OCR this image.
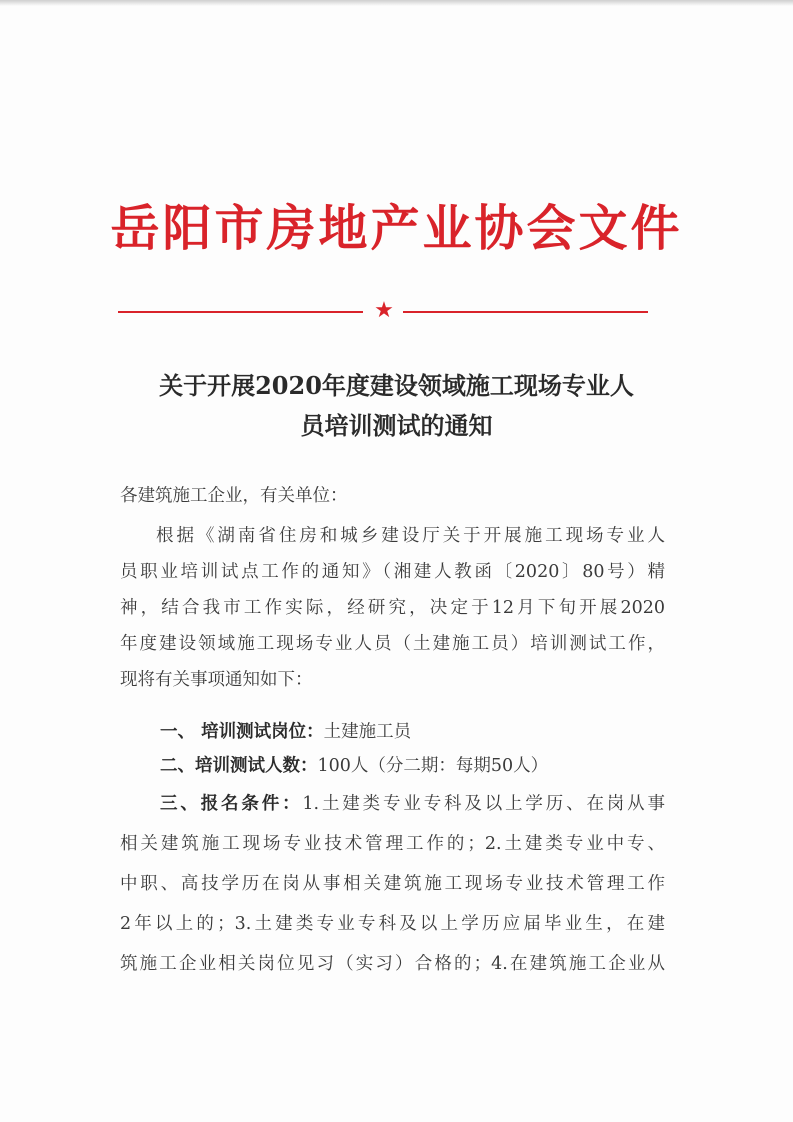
岳阳市房地产业协会文件
★
关于开展2020年度建设领域施工现场专业人
员培训测试的通知
各建筑施工企业，有关单位：
根据《湖南省住房和城乡建设厅关于开展施工现场专业人
员职业培训试点工作的通知》（湘建人教函〔2020〕80号）精
神，结合我市工作实际，经研究，决定于12月下旬开展2020
年度建设领域施工现场专业人员（土建施工员）培训测试工作，
现将有关事项通知如下：
一、 培训测试岗位：土建施工员
二、培训测试人数：100人（分二期：每期50人）
三、报名条件：1.土建类专业专科及以上学历、在岗从事
相关建筑施工现场专业技术管理工作的；2.土建类专业中专、
中职、高技学历在岗从事相关建筑施工现场专业技术管理工作
2年以上的；3.土建类专业专科及以上学历应届毕业生，在建
筑施工企业相关岗位见习（实习）合格的；4.在建筑施工企业从
